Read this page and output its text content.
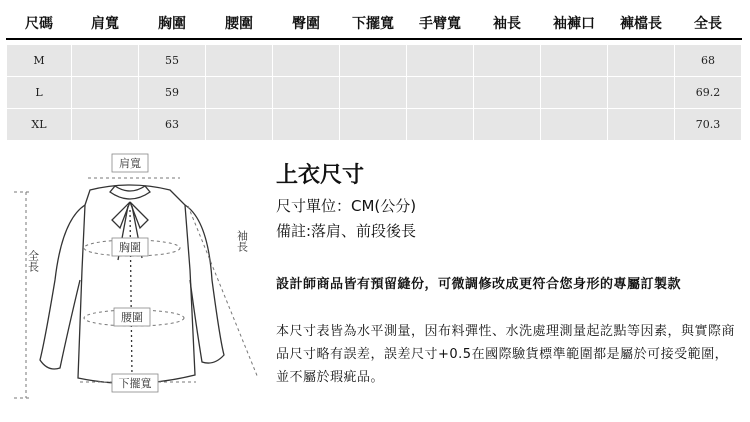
尺碼	肩寬	胸圍	腰圍	臀圍	下擺寬	手臂寬	袖長	袖褲口	褲檔長	全長

M		55								68
L		59								69.2
XL		63								70.3
肩寬
胸圍
腰圍
下擺寬
全長
袖長
上衣尺寸
尺寸單位：CM(公分)
備註:落肩、前段後長
設計師商品皆有預留縫份，可微調修改成更符合您身形的專屬訂製款
本尺寸表皆為水平測量，因布料彈性、水洗處理測量起訖點等因素，與實際商品尺寸略有誤差，誤差尺寸+0.5在國際驗貨標準範圍都是屬於可接受範圍，並不屬於瑕疵品。
